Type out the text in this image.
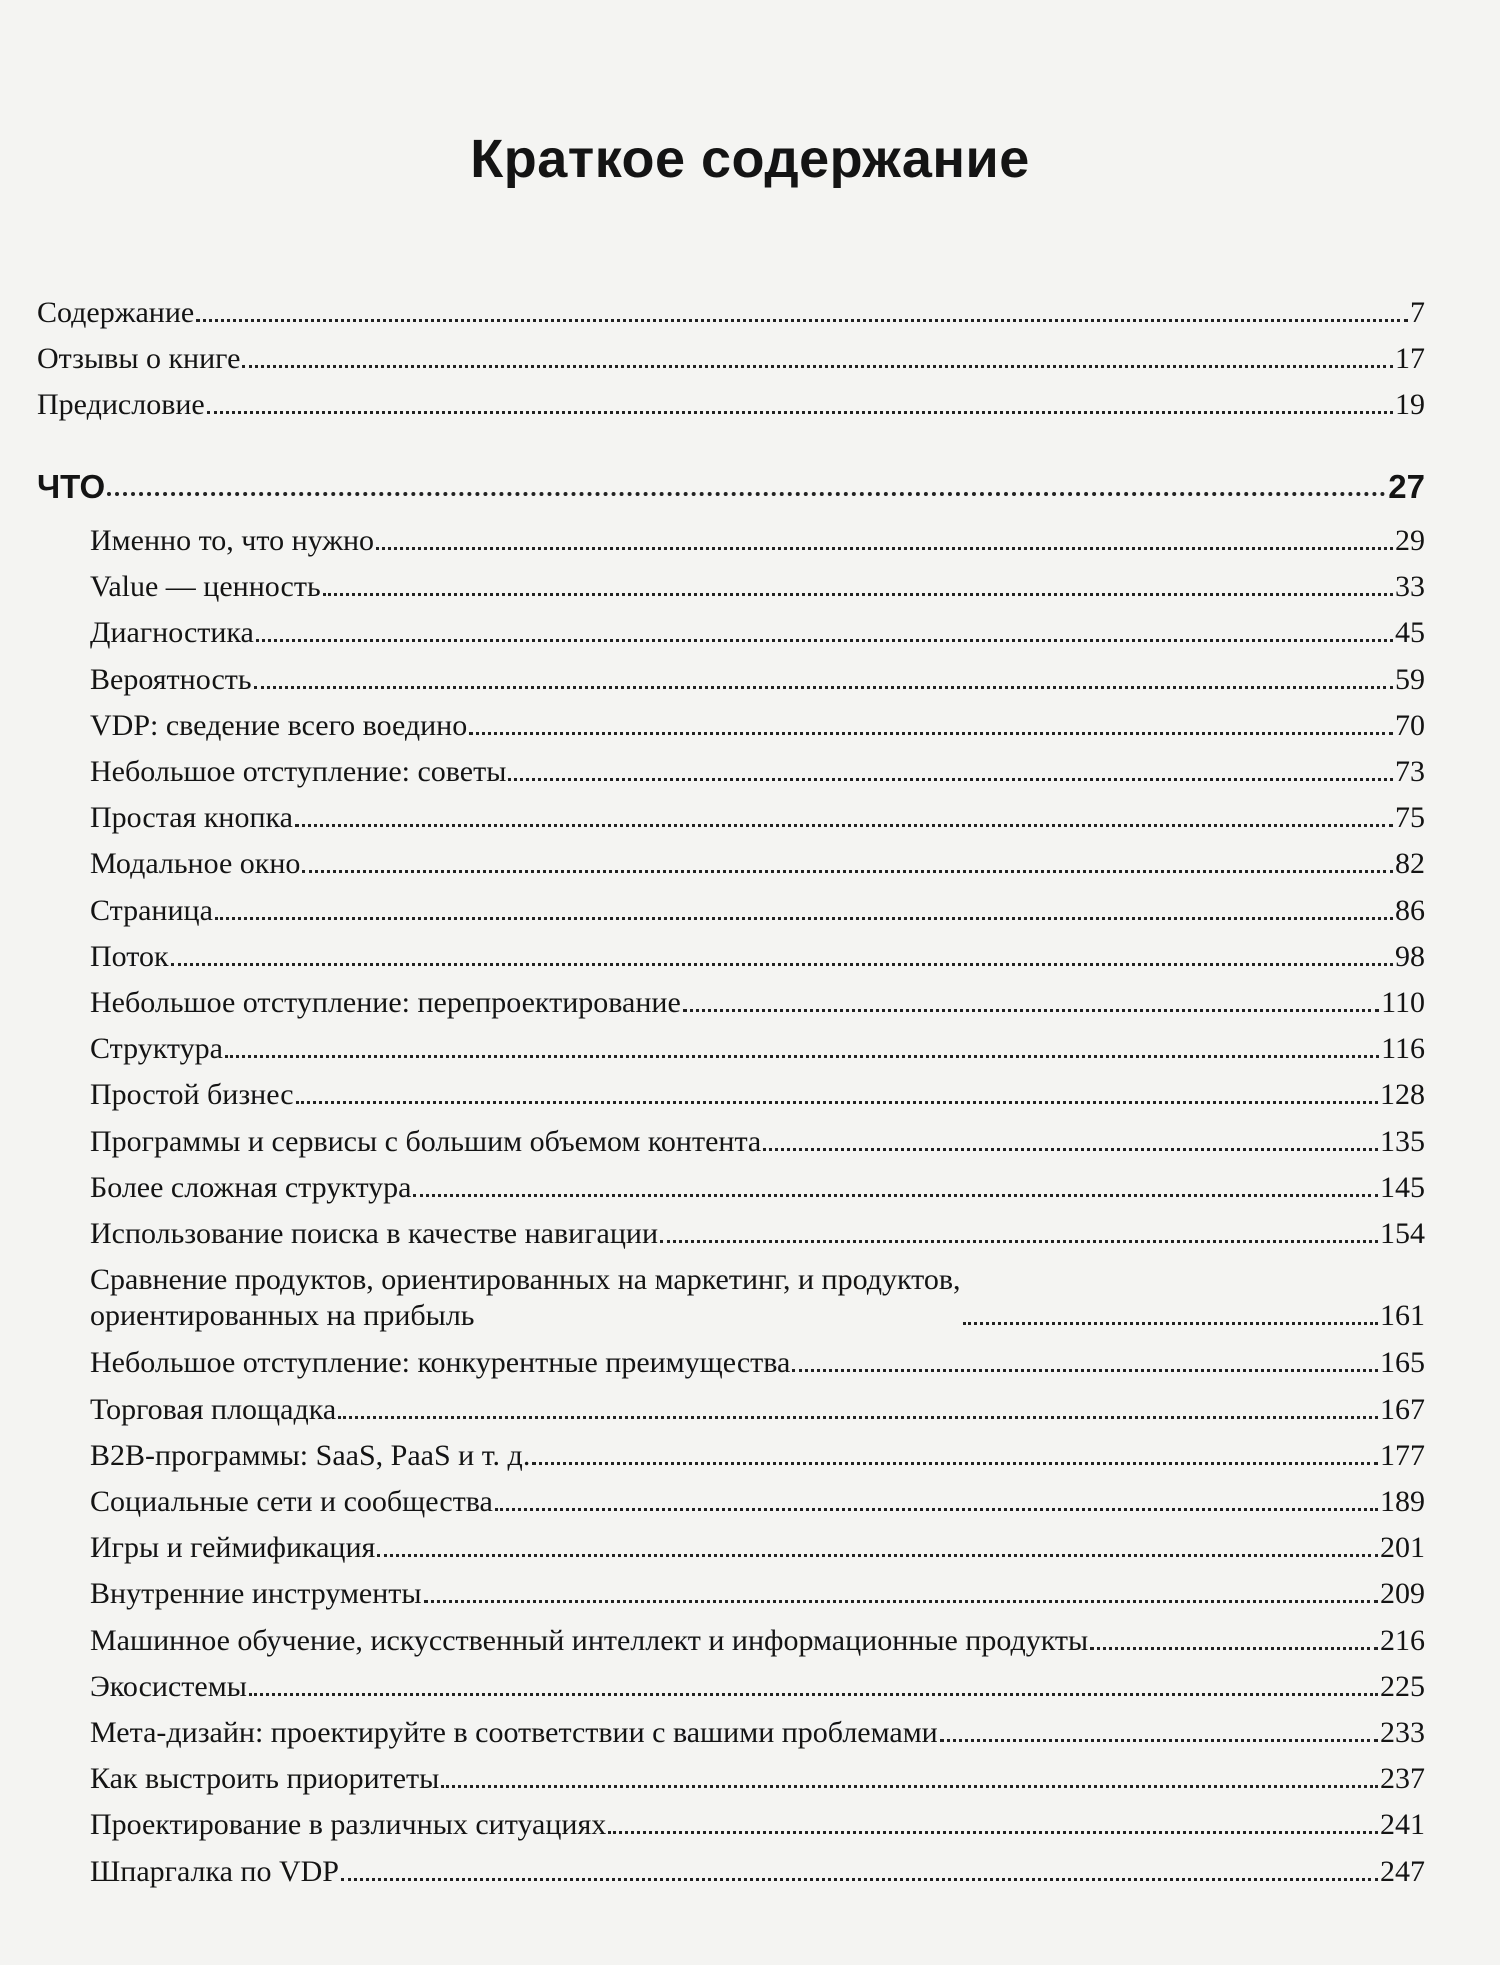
Краткое содержание
Содержание	7
Отзывы о книге	17
Предисловие	19
ЧТО	27
Именно то, что нужно	29
Value — ценность	33
Диагностика	45
Вероятность	59
VDP: сведение всего воедино	70
Небольшое отступление: советы	73
Простая кнопка	75
Модальное окно	82
Страница	86
Поток	98
Небольшое отступление: перепроектирование	110
Структура	116
Простой бизнес	128
Программы и сервисы с большим объемом контента	135
Более сложная структура	145
Использование поиска в качестве навигации	154
Сравнение продуктов, ориентированных на маркетинг, и продуктов,
ориентированных на прибыль	161
Небольшое отступление: конкурентные преимущества	165
Торговая площадка	167
B2B-программы: SaaS, PaaS и т. д.	177
Социальные сети и сообщества	189
Игры и геймификация	201
Внутренние инструменты	209
Машинное обучение, искусственный интеллект и информационные продукты	216
Экосистемы	225
Мета-дизайн: проектируйте в соответствии с вашими проблемами	233
Как выстроить приоритеты	237
Проектирование в различных ситуациях	241
Шпаргалка по VDP	247
